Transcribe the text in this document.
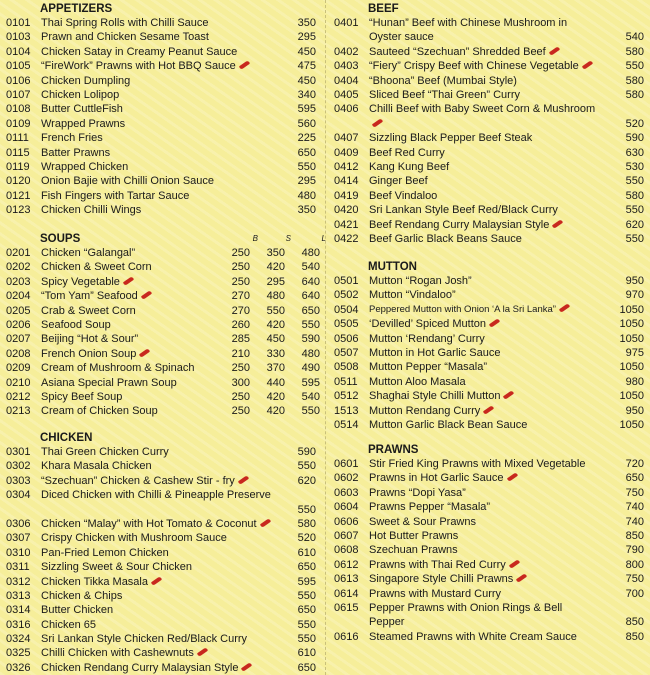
APPETIZERS
0101 Thai Spring Rolls with Chilli Sauce	350
0103 Prawn and Chicken Sesame Toast	295
0104 Chicken Satay in Creamy Peanut Sauce	450
0105 “FireWork” Prawns with Hot BBQ Sauce	475
0106 Chicken Dumpling	450
0107 Chicken Lolipop	340
0108 Butter CuttleFish	595
0109 Wrapped Prawns	560
0111	French Fries	225
0115	Batter Prawns	650
0119	Wrapped Chicken	550
0120 Onion Bajie with Chilli Onion Sauce	295
0121 Fish Fingers with Tartar Sauce	480
0123 Chicken Chilli Wings	350
SOUPS	B	S	L
0201 Chicken “Galangal”	250	350	480
0202 Chicken & Sweet Corn	250	420	540
0203 Spicy Vegetable	250	295	640
0204 “Tom Yam” Seafood	270	480	640
0205 Crab & Sweet Corn	270	550	650
0206 Seafood Soup	260	420	550
0207 Beijing “Hot & Sour”	285	450	590
0208 French Onion Soup	210	330	480
0209 Cream of Mushroom & Spinach	250	370	490
0210 Asiana Special Prawn Soup	300	440	595
0212 Spicy Beef Soup	250	420	540
0213 Cream of Chicken Soup	250	420	550
CHICKEN
0301 Thai Green Chicken Curry	590
0302 Khara Masala Chicken	550
0303 “Szechuan” Chicken & Cashew Stir - fry	620
0304 Diced Chicken with Chilli & Pineapple Preserve
550
0306 Chicken “Malay” with Hot Tomato & Coconut	580
0307 Crispy Chicken with Mushroom Sauce	520
0310 Pan-Fried Lemon Chicken	610
0311	Sizzling Sweet & Sour Chicken	650
0312 Chicken Tikka Masala	595
0313 Chicken & Chips	550
0314 Butter Chicken	650
0316 Chicken 65	550
0324 Sri Lankan Style Chicken Red/Black Curry	550
0325 Chilli Chicken with Cashewnuts	610
0326 Chicken Rendang Curry Malaysian Style	650
BEEF
0401 “Hunan” Beef with Chinese Mushroom in Oyster sauce	540
0402 Sauteed “Szechuan” Shredded Beef	580
0403 “Fiery” Crispy Beef with Chinese Vegetable	550
0404 “Bhoona” Beef (Mumbai Style)	580
0405 Sliced Beef “Thai Green” Curry	580
0406 Chilli Beef with Baby Sweet Corn & Mushroom
520
0407 Sizzling Black Pepper Beef Steak	590
0409 Beef Red Curry	630
0412 Kang Kung Beef	530
0414 Ginger Beef	550
0419 Beef Vindaloo	580
0420 Sri Lankan Style Beef Red/Black Curry	550
0421 Beef Rendang Curry Malaysian Style	620
0422 Beef Garlic Black Beans Sauce	550
MUTTON
0501 Mutton “Rogan Josh”	950
0502 Mutton “Vindaloo”	970
0504	Peppered Mutton with Onion ‘A la Sri Lanka”	1050
0505 ‘Devilled’ Spiced Mutton	1050
0506 Mutton ‘Rendang’ Curry	1050
0507 Mutton in Hot Garlic Sauce	975
0508 Mutton Pepper “Masala”	1050
0511	Mutton Aloo Masala	980
0512 Shaghai Style Chilli Mutton	1050
1513 Mutton Rendang Curry	950
0514 Mutton Garlic Black Bean Sauce	1050
PRAWNS
0601 Stir Fried King Prawns with Mixed Vegetable	720
0602 Prawns in Hot Garlic Sauce	650
0603 Prawns “Dopi Yasa”	750
0604 Prawns Pepper “Masala”	740
0606 Sweet & Sour Prawns	740
0607 Hot Butter Prawns	850
0608 Szechuan Prawns	790
0612 Prawns with Thai Red Curry	800
0613 Singapore Style Chilli Prawns	750
0614 Prawns with Mustard Curry	700
0615 Pepper Prawns with Onion Rings & Bell Pepper	850
0616 Steamed Prawns with White Cream Sauce	850
